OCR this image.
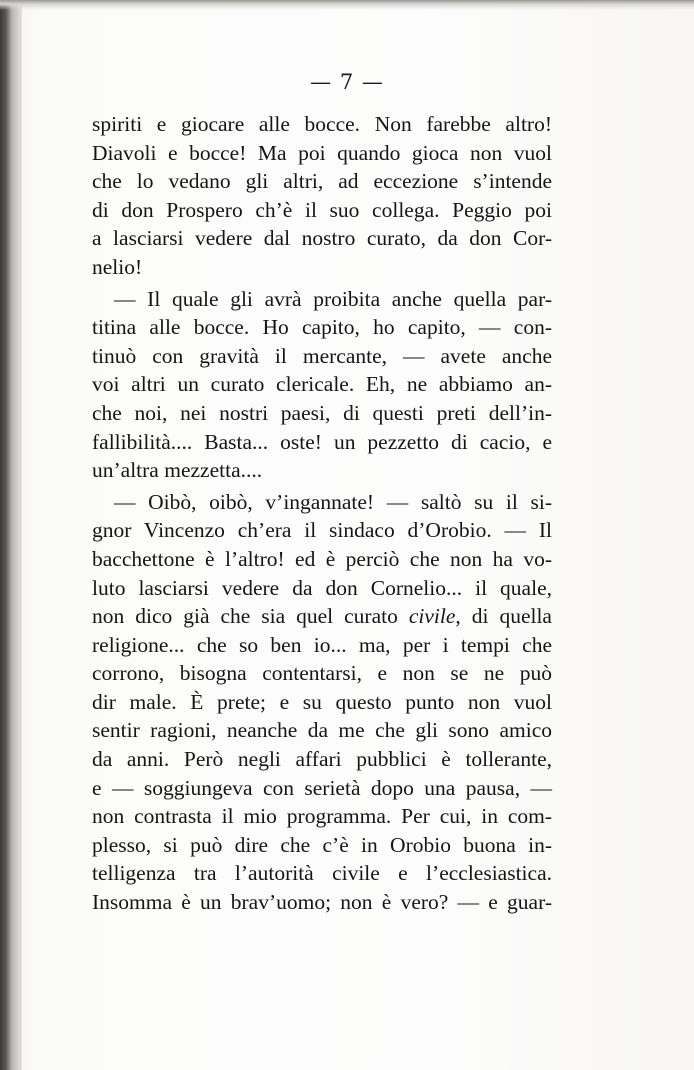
— 7 —
spiriti e giocare alle bocce. Non farebbe altro!
Diavoli e bocce! Ma poi quando gioca non vuol
che lo vedano gli altri, ad eccezione s’intende
di don Prospero ch’è il suo collega. Peggio poi
a lasciarsi vedere dal nostro curato, da don Cor-
nelio!
— Il quale gli avrà proibita anche quella par-
titina alle bocce. Ho capito, ho capito, — con-
tinuò con gravità il mercante, — avete anche
voi altri un curato clericale. Eh, ne abbiamo an-
che noi, nei nostri paesi, di questi preti dell’in-
fallibilità.... Basta... oste! un pezzetto di cacio, e
un’altra mezzetta....
— Oibò, oibò, v’ingannate! — saltò su il si-
gnor Vincenzo ch’era il sindaco d’Orobio. — Il
bacchettone è l’altro! ed è perciò che non ha vo-
luto lasciarsi vedere da don Cornelio... il quale,
non dico già che sia quel curato civile, di quella
religione... che so ben io... ma, per i tempi che
corrono, bisogna contentarsi, e non se ne può
dir male. È prete; e su questo punto non vuol
sentir ragioni, neanche da me che gli sono amico
da anni. Però negli affari pubblici è tollerante,
e — soggiungeva con serietà dopo una pausa, —
non contrasta il mio programma. Per cui, in com-
plesso, si può dire che c’è in Orobio buona in-
telligenza tra l’autorità civile e l’ecclesiastica.
Insomma è un bravʼuomo; non è vero? — e guar-
